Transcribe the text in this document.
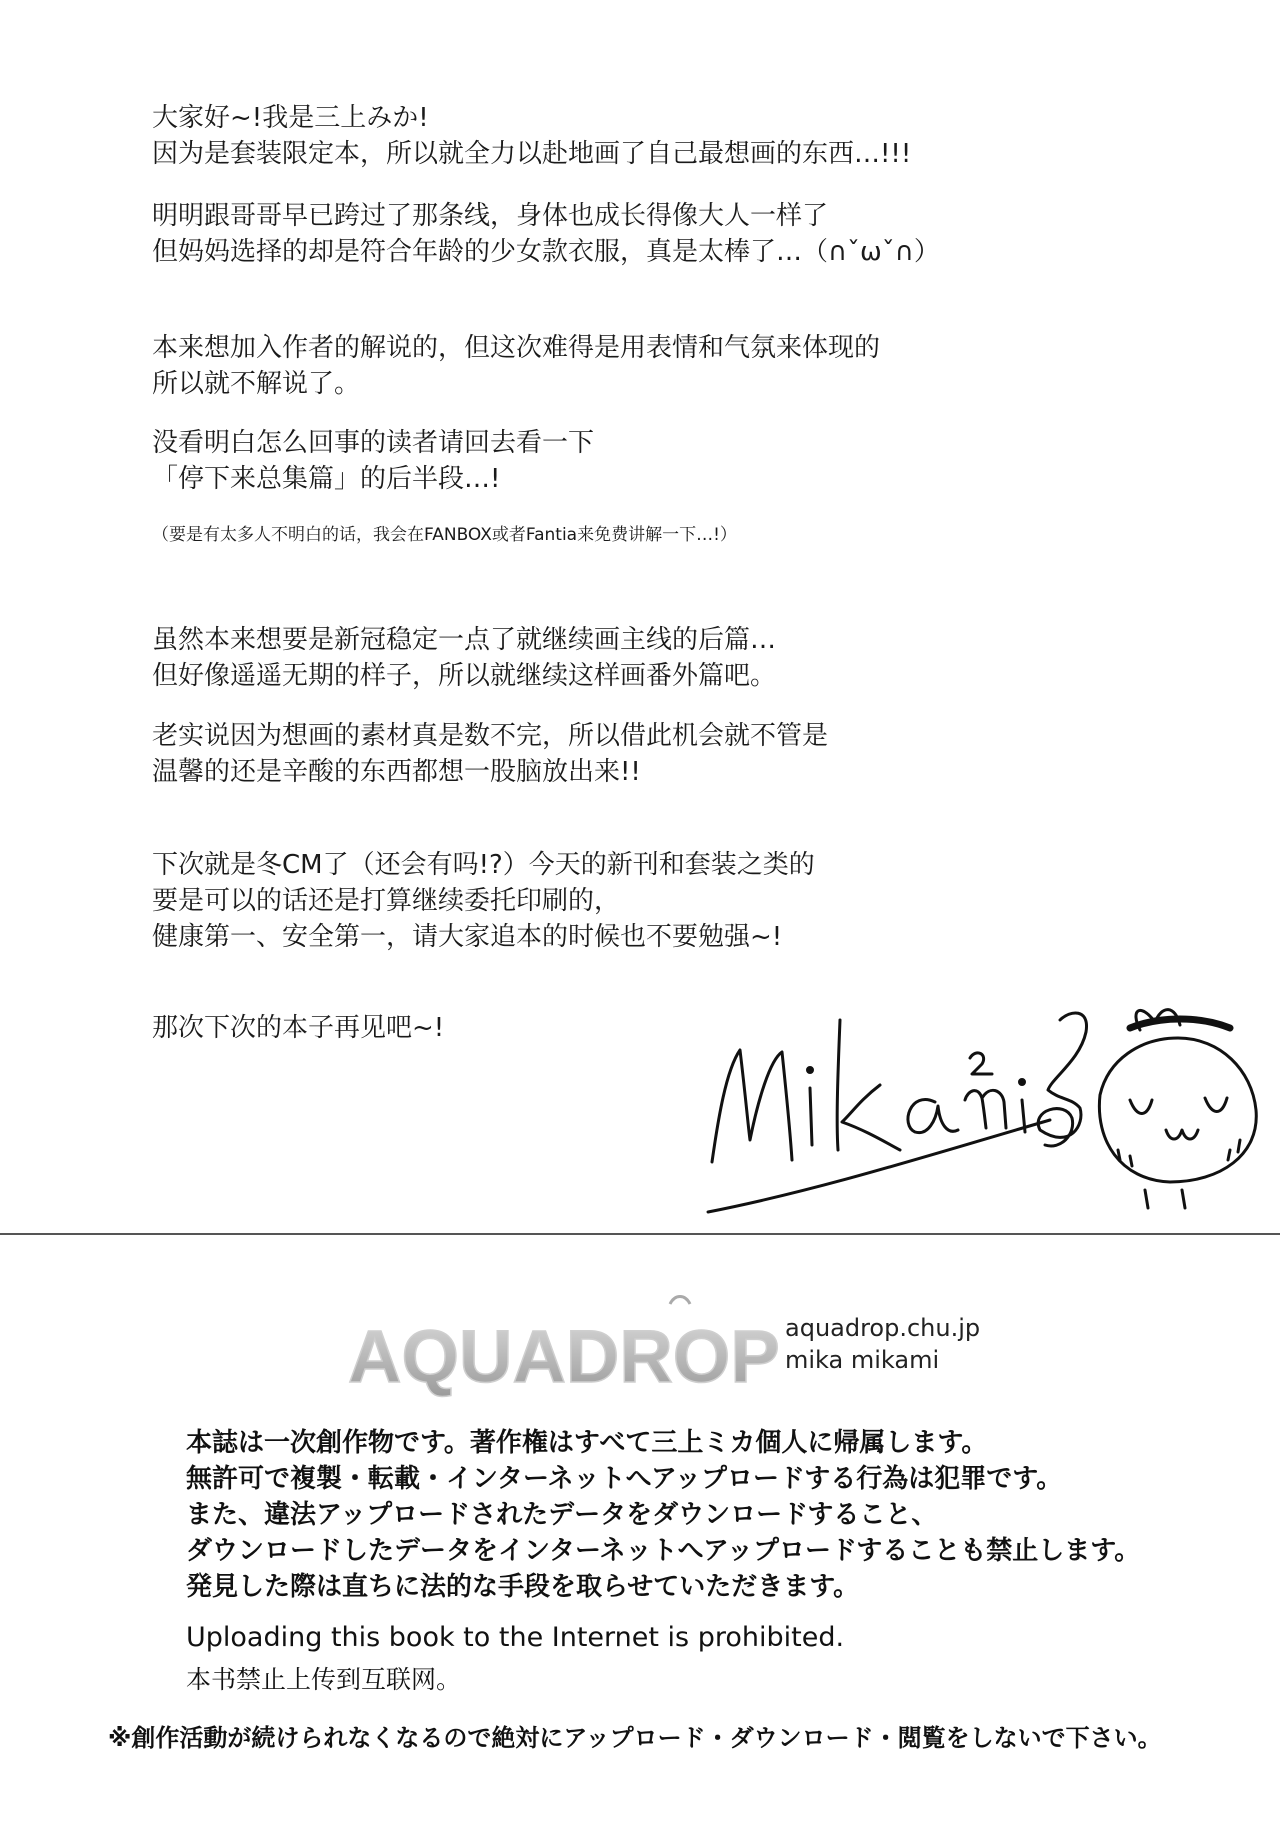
大家好~!我是三上みか!
因为是套装限定本，所以就全力以赴地画了自己最想画的东西…!!!
明明跟哥哥早已跨过了那条线，身体也成长得像大人一样了
但妈妈选择的却是符合年龄的少女款衣服，真是太棒了…（∩ˇωˇ∩）
本来想加入作者的解说的，但这次难得是用表情和气氛来体现的
所以就不解说了。
没看明白怎么回事的读者请回去看一下
「停下来总集篇」的后半段…!
（要是有太多人不明白的话，我会在FANBOX或者Fantia来免费讲解一下…!）
虽然本来想要是新冠稳定一点了就继续画主线的后篇…
但好像遥遥无期的样子，所以就继续这样画番外篇吧。
老实说因为想画的素材真是数不完，所以借此机会就不管是
温馨的还是辛酸的东西都想一股脑放出来!!
下次就是冬CM了（还会有吗!?）今天的新刊和套装之类的
要是可以的话还是打算继续委托印刷的，
健康第一、安全第一，请大家追本的时候也不要勉强~!
那次下次的本子再见吧~!
AQUADROP aquadrop.chu.jp
mika mikami
本誌は一次創作物です。著作権はすべて三上ミカ個人に帰属します。
無許可で複製・転載・インターネットへアップロードする行為は犯罪です。
また、違法アップロードされたデータをダウンロードすること、
ダウンロードしたデータをインターネットへアップロードすることも禁止します。
発見した際は直ちに法的な手段を取らせていただきます。
Uploading this book to the Internet is prohibited.
本书禁止上传到互联网。
※創作活動が続けられなくなるので絶対にアップロード・ダウンロード・閲覧をしないで下さい。
